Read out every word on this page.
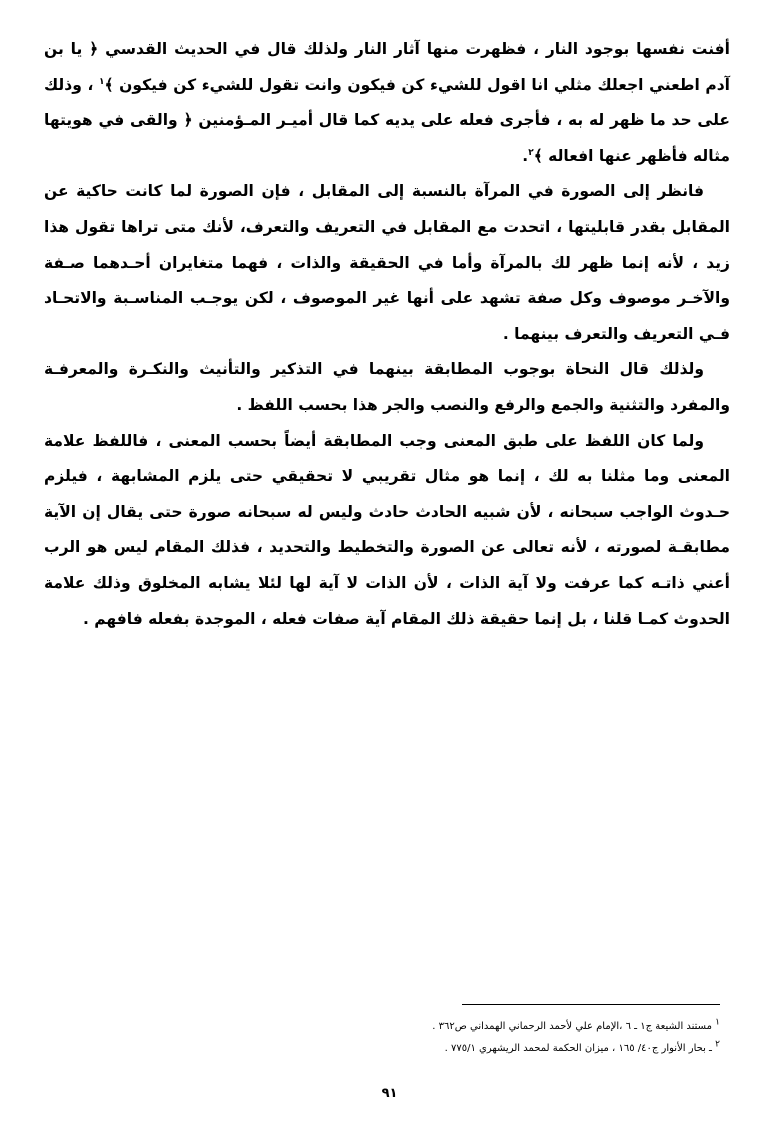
أفنت نفسها بوجود النار ، فظهرت منها آثار النار ولذلك قال في الحديث القدسي ﴿ يا بن آدم اطعني اجعلك مثلي انا اقول للشيء كن فيكون وانت تقول للشيء كن فيكون ﴾$^١$ ، وذلك على حد ما ظهر له به ، فأجرى فعله على يديه كما قال أميـر المـؤمنين ﴿ والقى في هويتها مثاله فأظهر عنها افعاله ﴾$^٢$.

فانظر إلى الصورة في المرآة بالنسبة إلى المقابل ، فإن الصورة لما كانت حاكية عن المقابل بقدر قابليتها ، اتحدت مع المقابل في التعريف والتعرف، لأنك متى تراها تقول هذا زيد ، لأنه إنما ظهر لك بالمرآة وأما في الحقيقة والذات ، فهما متغايران أحـدهما صـفة والآخـر موصوف وكل صفة تشهد على أنها غير الموصوف ، لكن يوجـب المناسـبة والاتحـاد فـي التعريف والتعرف بينهما .

ولذلك قال النحاة بوجوب المطابقة بينهما في التذكير والتأنيث والنكـرة والمعرفـة والمفرد والتثنية والجمع والرفع والنصب والجر هذا بحسب اللفظ .

ولما كان اللفظ على طبق المعنى وجب المطابقة أيضاً بحسب المعنى ، فاللفظ علامة المعنى وما مثلنا به لك ، إنما هو مثال تقريبي لا تحقيقي حتى يلزم المشابهة ، فيلزم حـدوث الواجب سبحانه ، لأن شبيه الحادث حادث وليس له سبحانه صورة حتى يقال إن الآية مطابقـة لصورته ، لأنه تعالى عن الصورة والتخطيط والتحديد ، فذلك المقام ليس هو الرب أعني ذاتـه كما عرفت ولا آية الذات ، لأن الذات لا آية لها لئلا يشابه المخلوق وذلك علامة الحدوث كمـا قلنا ، بل إنما حقيقة ذلك المقام آية صفات فعله ، الموجدة بفعله فافهم .

$^١$ مستند الشيعة ج١ ـ ٦ ،الإمام علي لأحمد الرحماني الهمداني ص٣٦٢ .

$^٢$ ـ بحار الأنوار ج٤٠/ ١٦٥ ، ميزان الحكمة لمحمد الريشهري ٧٧٥/١ .

٩١
